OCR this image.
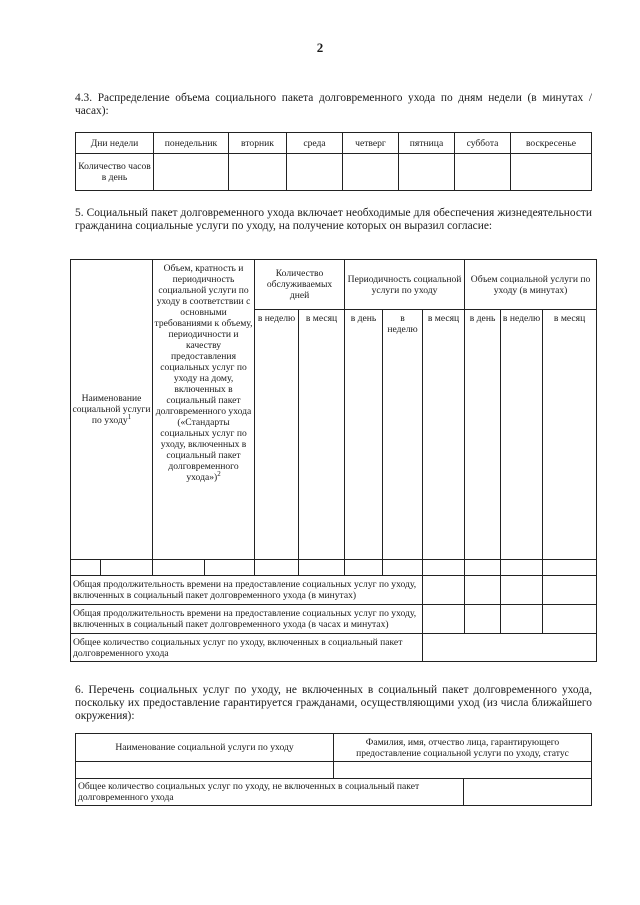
2
4.3. Распределение объема социального пакета долговременного ухода по дням недели (в минутах /часах):
Дни недели	понедельник	вторник	среда	четверг	пятница	суббота	воскресенье
Количество часов в день							
5. Социальный пакет долговременного ухода включает необходимые для обеспечения жизнедеятельности гражданина социальные услуги по уходу, на получение которых он выразил согласие:
Наименование социальной услуги по уходу$^1$		Объем, кратность и периодичность социальной услуги по уходу в соответствии с основными требованиями к объему, периодичности и качеству предоставления социальных услуг по уходу на дому, включенных в социальный пакет долговременного ухода («Стандарты социальных услуг по уходу, включенных в социальный пакет долговременного ухода»)$^2$		Количество обслуживаемых дней		Периодичность социальной услуги по уходу			Объем социальной услуги по уходу (в минутах)		
				в неделю	в месяц	в день	в неделю	в месяц	в день	в неделю	в месяц

Общая продолжительность времени на предоставление социальных услуг по уходу, включенных в социальный пакет долговременного ухода (в минутах)											
Общая продолжительность времени на предоставление социальных услуг по уходу, включенных в социальный пакет долговременного ухода (в часах и минутах)											
Общее количество социальных услуг по уходу, включенных в социальный пакет долговременного ухода											
6. Перечень социальных услуг по уходу, не включенных в социальный пакет долговременного ухода, поскольку их предоставление гарантируется гражданами, осуществляющими уход (из числа ближайшего окружения):
Наименование социальной услуги по уходу	Фамилия, имя, отчество лица, гарантирующего предоставление социальной услуги по уходу, статус	

Общее количество социальных услуг по уходу, не включенных в социальный пакет долговременного ухода		
